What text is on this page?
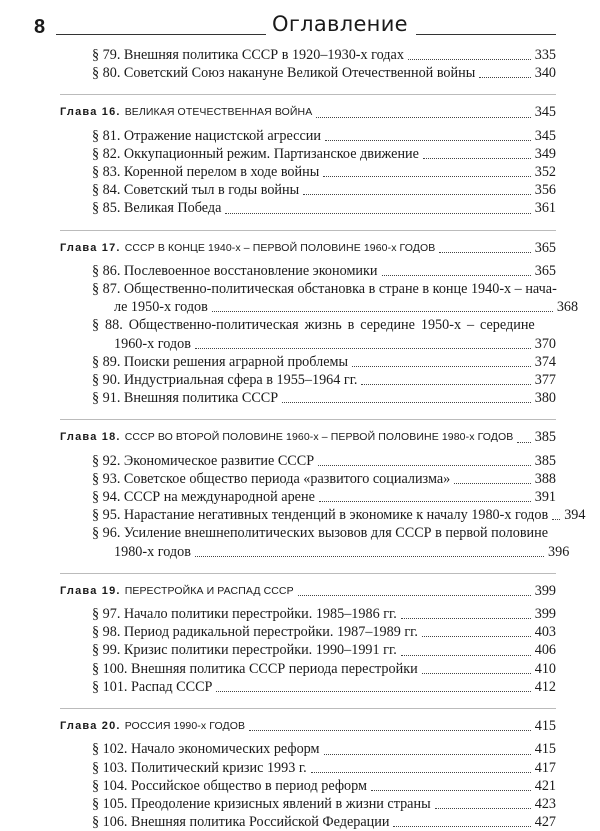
8	Оглавление
§ 79. Внешняя политика СССР в 1920–1930-х годах	335
§ 80. Советский Союз накануне Великой Отечественной войны	340
Глава 16. ВЕЛИКАЯ ОТЕЧЕСТВЕННАЯ ВОЙНА	345
§ 81. Отражение нацистской агрессии	345
§ 82. Оккупационный режим. Партизанское движение	349
§ 83. Коренной перелом в ходе войны	352
§ 84. Советский тыл в годы войны	356
§ 85. Великая Победа	361
Глава 17. СССР В КОНЦЕ 1940-х – ПЕРВОЙ ПОЛОВИНЕ 1960-х ГОДОВ	365
§ 86. Послевоенное восстановление экономики	365
§ 87. Общественно-политическая обстановка в стране в конце 1940-х – нача-
ле 1950-х годов	368
§ 88. Общественно-политическая жизнь в середине 1950-х – середине
1960-х годов	370
§ 89. Поиски решения аграрной проблемы	374
§ 90. Индустриальная сфера в 1955–1964 гг.	377
§ 91. Внешняя политика СССР	380
Глава 18. СССР ВО ВТОРОЙ ПОЛОВИНЕ 1960-х – ПЕРВОЙ ПОЛОВИНЕ 1980-х ГОДОВ 385
§ 92. Экономическое развитие СССР	385
§ 93. Советское общество периода «развитого социализма»	388
§ 94. СССР на международной арене	391
§ 95. Нарастание негативных тенденций в экономике к началу 1980-х годов 394
§ 96. Усиление внешнеполитических вызовов для СССР в первой половине
1980-х годов	396
Глава 19. ПЕРЕСТРОЙКА И РАСПАД СССР	399
§ 97. Начало политики перестройки. 1985–1986 гг.	399
§ 98. Период радикальной перестройки. 1987–1989 гг.	403
§ 99. Кризис политики перестройки. 1990–1991 гг.	406
§ 100. Внешняя политика СССР периода перестройки	410
§ 101. Распад СССР	412
Глава 20. РОССИЯ 1990-х ГОДОВ	415
§ 102. Начало экономических реформ	415
§ 103. Политический кризис 1993 г.	417
§ 104. Российское общество в период реформ	421
§ 105. Преодоление кризисных явлений в жизни страны	423
§ 106. Внешняя политика Российской Федерации	427
